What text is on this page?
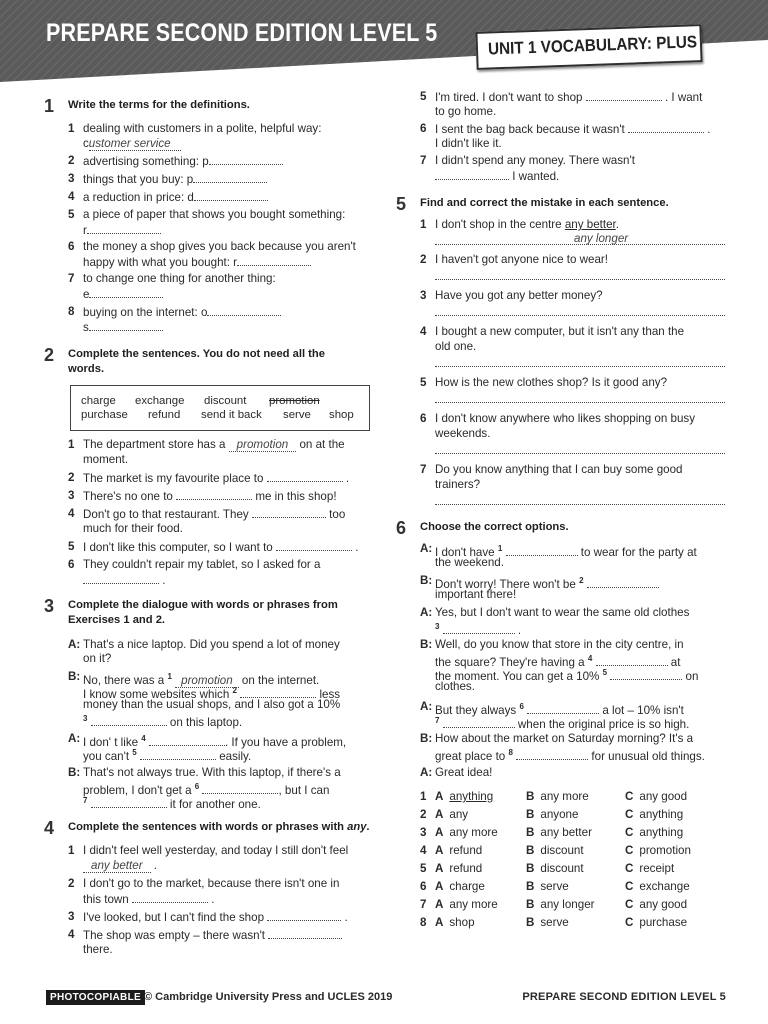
PREPARE SECOND EDITION LEVEL 5	UNIT 1 VOCABULARY: PLUS
1 Write the terms for the definitions.
1 dealing with customers in a polite, helpful way:
customer service
2 advertising something: p
3 things that you buy: p
4 a reduction in price: d
5 a piece of paper that shows you bought something:
r
6 the money a shop gives you back because you aren't
happy with what you bought: r
7 to change one thing for another thing:
e
8 buying on the internet: o
s
2 Complete the sentences. You do not need all the
words.
charge exchange discount promotion
purchase refund send it back serve shop
1 The department store has a promotion on at the
moment.
2 The market is my favourite place to	.
3 There's no one to	me in this shop!
4 Don't go to that restaurant. They	too
much for their food.
5 I don't like this computer, so I want to	.
6 They couldn't repair my tablet, so I asked for a
.
3 Complete the dialogue with words or phrases from
Exercises 1 and 2.
A: That's a nice laptop. Did you spend a lot of money
on it?
B: No, there was a $^1$ promotion on the internet.
I know some websites which $^2$	less
money than the usual shops, and I also got a 10%
$^3$	on this laptop.
A: I don' t like $^4$	. If you have a problem,
you can't $^5$	easily.
B: That's not always true. With this laptop, if there's a
problem, I don't get a $^6$	, but I can
$^7$	it for another one.
4 Complete the sentences with words or phrases with any.
1 I didn't feel well yesterday, and today I still don't feel
any better .
2 I don't go to the market, because there isn't one in
this town	.
3 I've looked, but I can't find the shop	.
4 The shop was empty – there wasn't
there.
5 I'm tired. I don't want to shop	. I want
to go home.
6 I sent the bag back because it wasn't	.
I didn't like it.
7 I didn't spend any money. There wasn't
I wanted.
5 Find and correct the mistake in each sentence.
1 I don't shop in the centre any better.
any longer
2 I haven't got anyone nice to wear!
3 Have you got any better money?
4 I bought a new computer, but it isn't any than the
old one.
5 How is the new clothes shop? Is it good any?
6 I don't know anywhere who likes shopping on busy
weekends.
7 Do you know anything that I can buy some good
trainers?
6 Choose the correct options.
A: I don't have $^1$	to wear for the party at
the weekend.
B: Don't worry! There won't be $^2$
important there!
A: Yes, but I don't want to wear the same old clothes
$^3$	.
B: Well, do you know that store in the city centre, in
the square? They're having a $^4$	at
the moment. You can get a 10% $^5$	on
clothes.
A: But they always $^6$	a lot – 10% isn't
$^7$	when the original price is so high.
B: How about the market on Saturday morning? It's a
great place to $^8$	for unusual old things.
A: Great idea!
1 A anything	B any more	C any good
2 A any	B anyone	C anything
3 A any more B any better	C anything
4 A refund	B discount	C promotion
5 A refund	B discount	C receipt
6 A charge	B serve	C exchange
7 A any more B any longer	C any good
8 A shop	B serve	C purchase
PHOTOCOPIABLE © Cambridge University Press and UCLES 2019	PREPARE SECOND EDITION LEVEL 5
